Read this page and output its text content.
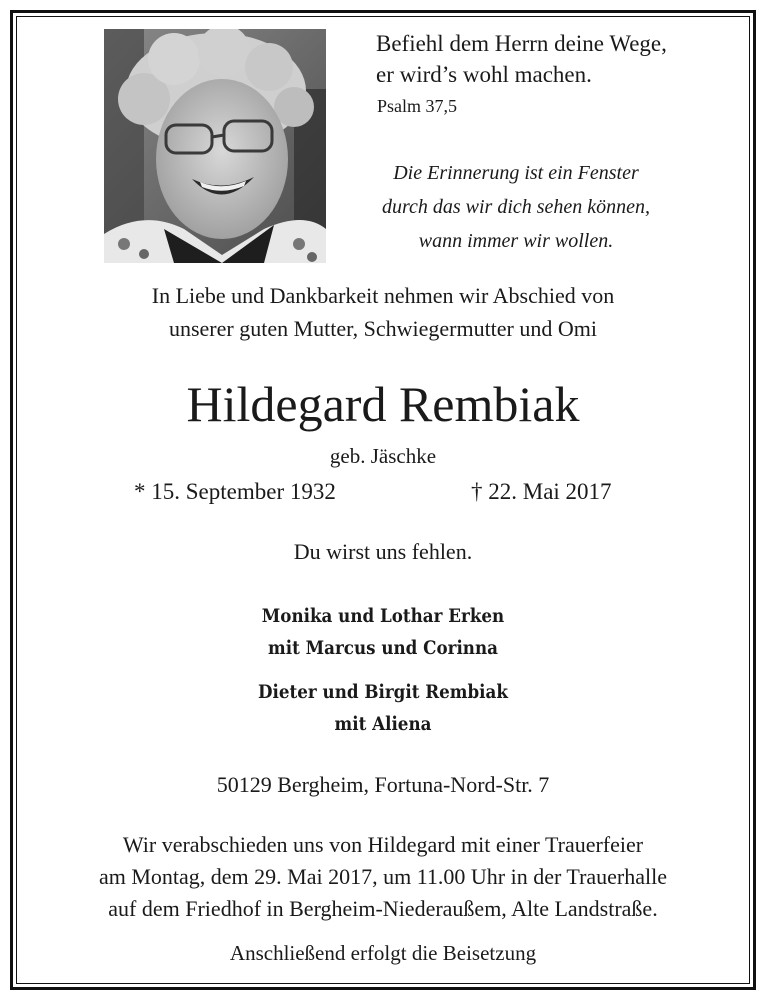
Befiehl dem Herrn deine Wege,
er wird’s wohl machen.
Psalm 37,5
Die Erinnerung ist ein Fenster
durch das wir dich sehen können,
wann immer wir wollen.
In Liebe und Dankbarkeit nehmen wir Abschied von
unserer guten Mutter, Schwiegermutter und Omi
Hildegard Rembiak
geb. Jäschke
* 15. September 1932	† 22. Mai 2017
Du wirst uns fehlen.
Monika und Lothar Erken
mit Marcus und Corinna
Dieter und Birgit Rembiak
mit Aliena
50129 Bergheim, Fortuna-Nord-Str. 7
Wir verabschieden uns von Hildegard mit einer Trauerfeier
am Montag, dem 29. Mai 2017, um 11.00 Uhr in der Trauerhalle
auf dem Friedhof in Bergheim-Niederaußem, Alte Landstraße.
Anschließend erfolgt die Beisetzung
